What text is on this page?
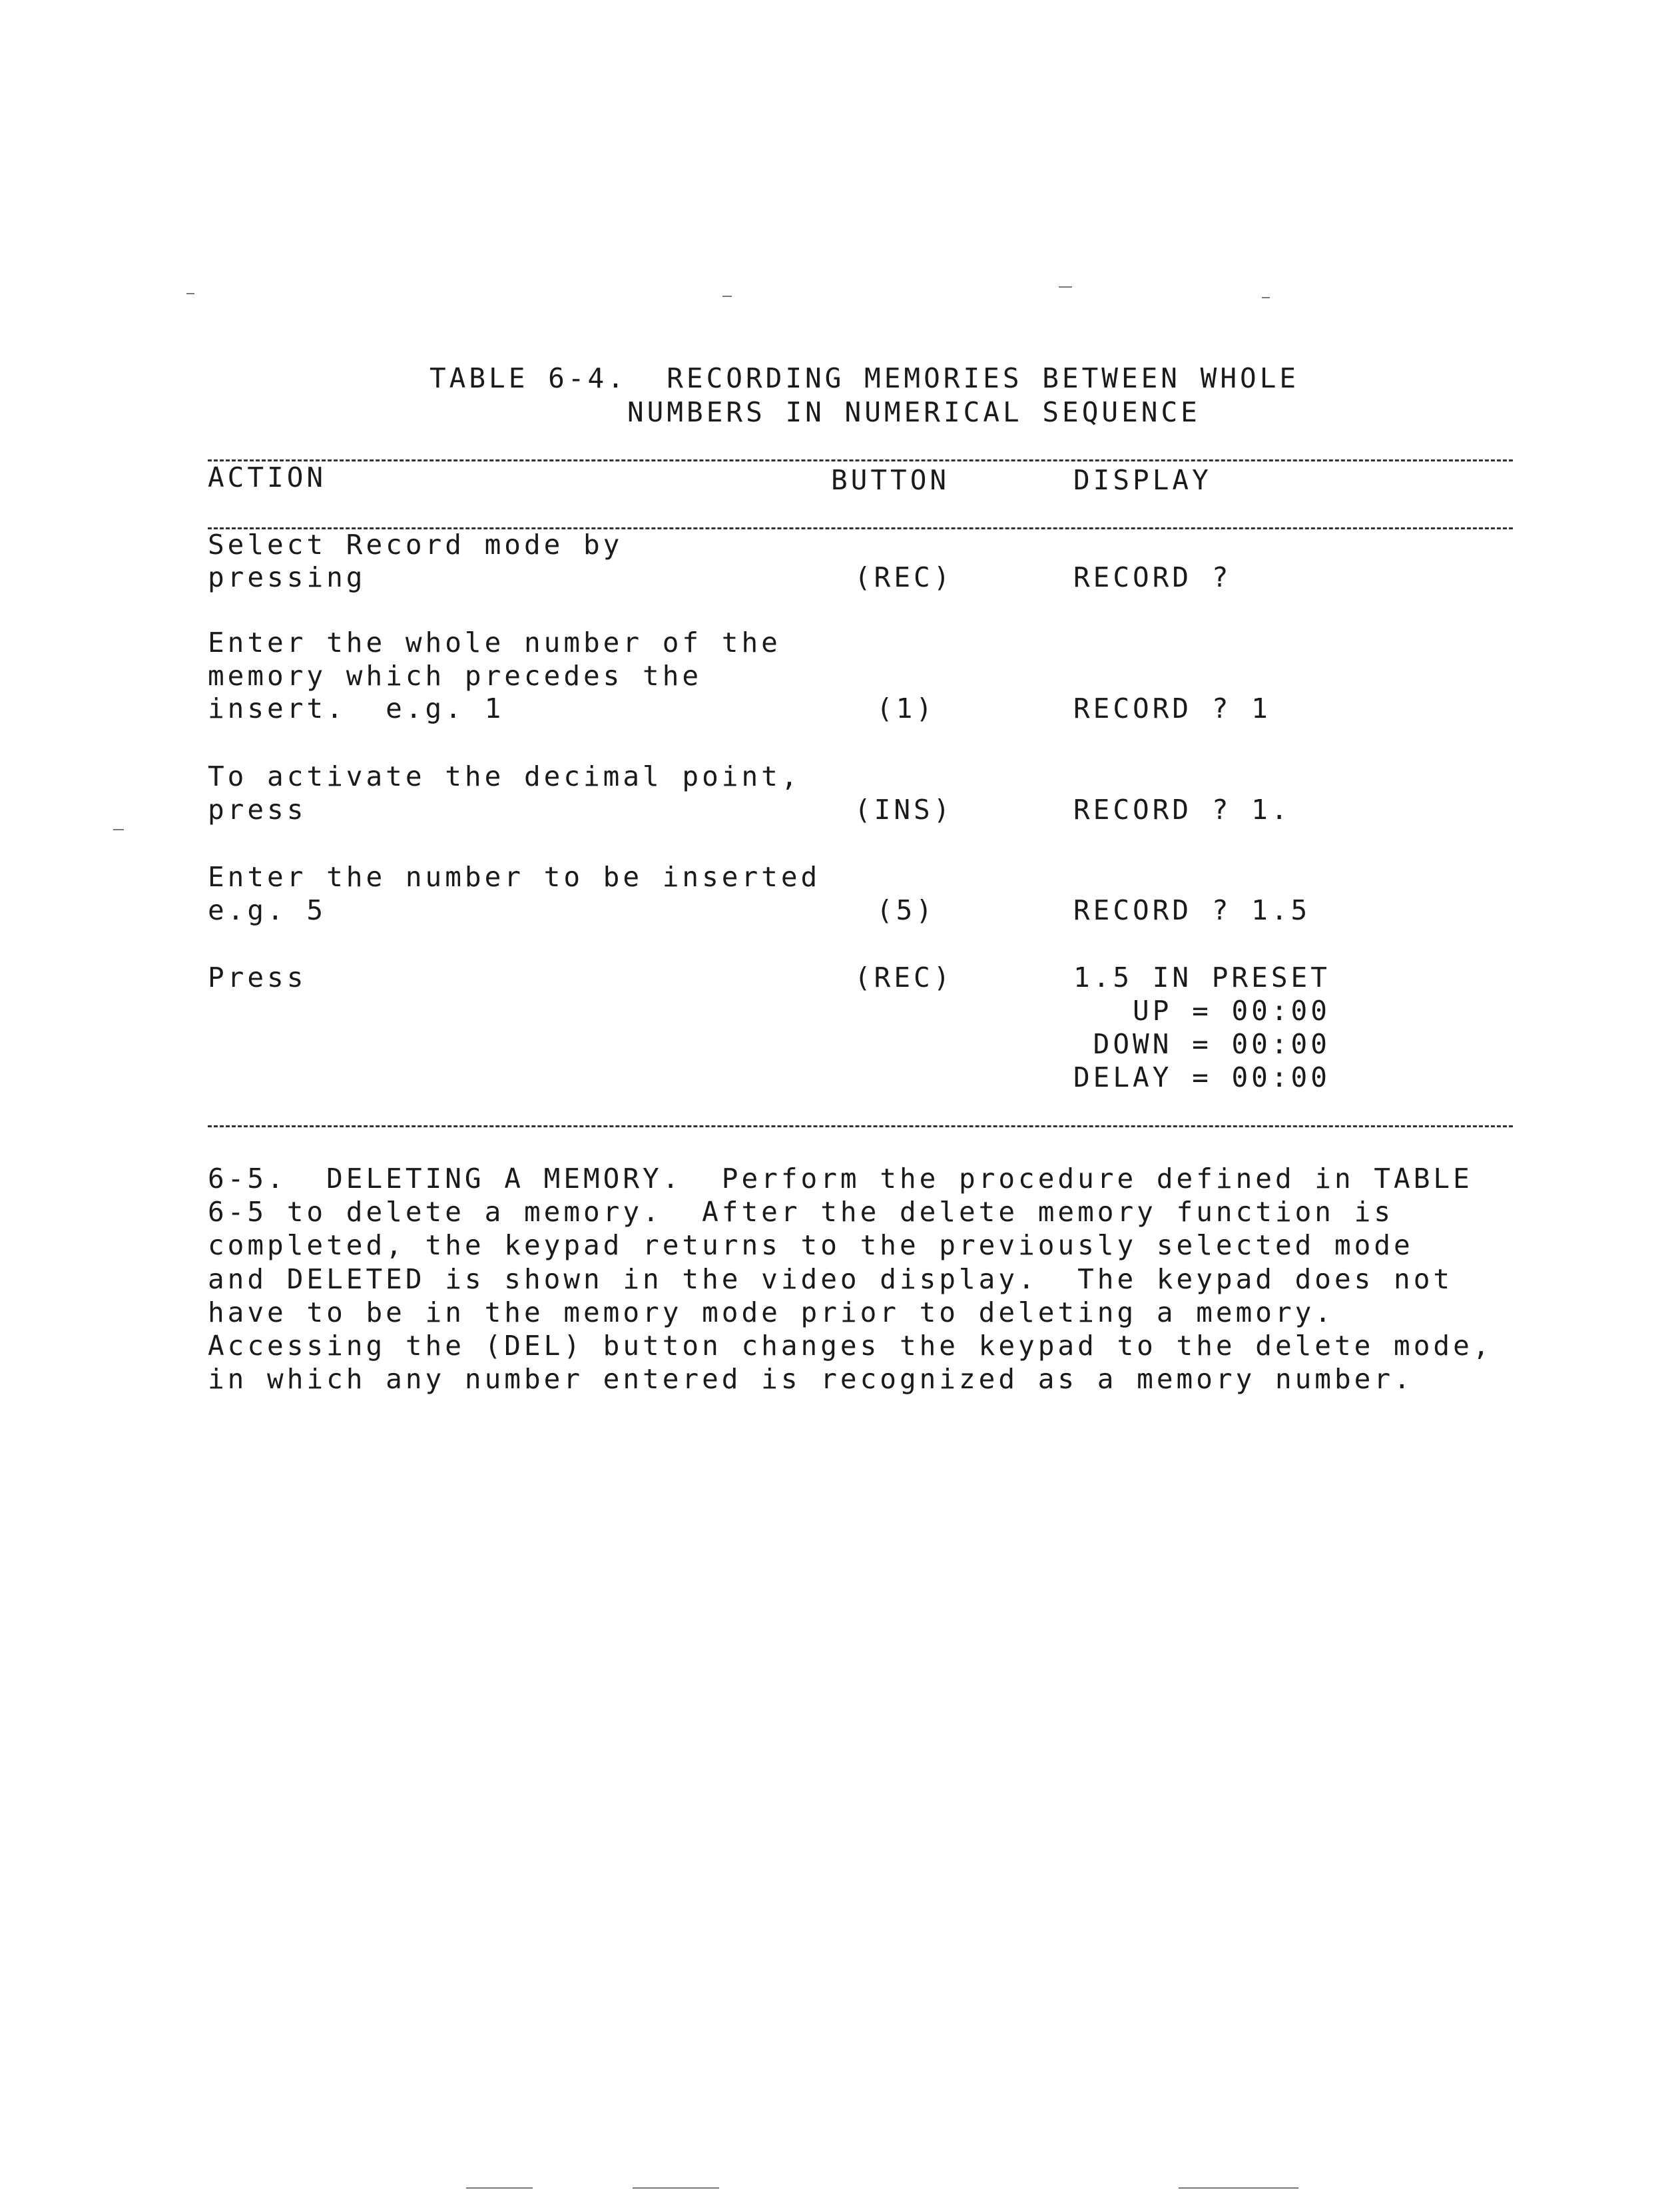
TABLE 6-4.  RECORDING MEMORIES BETWEEN WHOLE
NUMBERS IN NUMERICAL SEQUENCE
ACTION	BUTTON	DISPLAY
Select Record mode by
pressing	(REC)	RECORD ?
Enter the whole number of the
memory which precedes the
insert.  e.g. 1	(1)	RECORD ? 1
To activate the decimal point,
press	(INS)	RECORD ? 1.
Enter the number to be inserted
e.g. 5	(5)	RECORD ? 1.5
Press	(REC)	1.5 IN PRESET
UP = 00:00
DOWN = 00:00
DELAY = 00:00
6-5.  DELETING A MEMORY.  Perform the procedure defined in TABLE
6-5 to delete a memory.  After the delete memory function is
completed, the keypad returns to the previously selected mode
and DELETED is shown in the video display.  The keypad does not
have to be in the memory mode prior to deleting a memory.
Accessing the (DEL) button changes the keypad to the delete mode,
in which any number entered is recognized as a memory number.
